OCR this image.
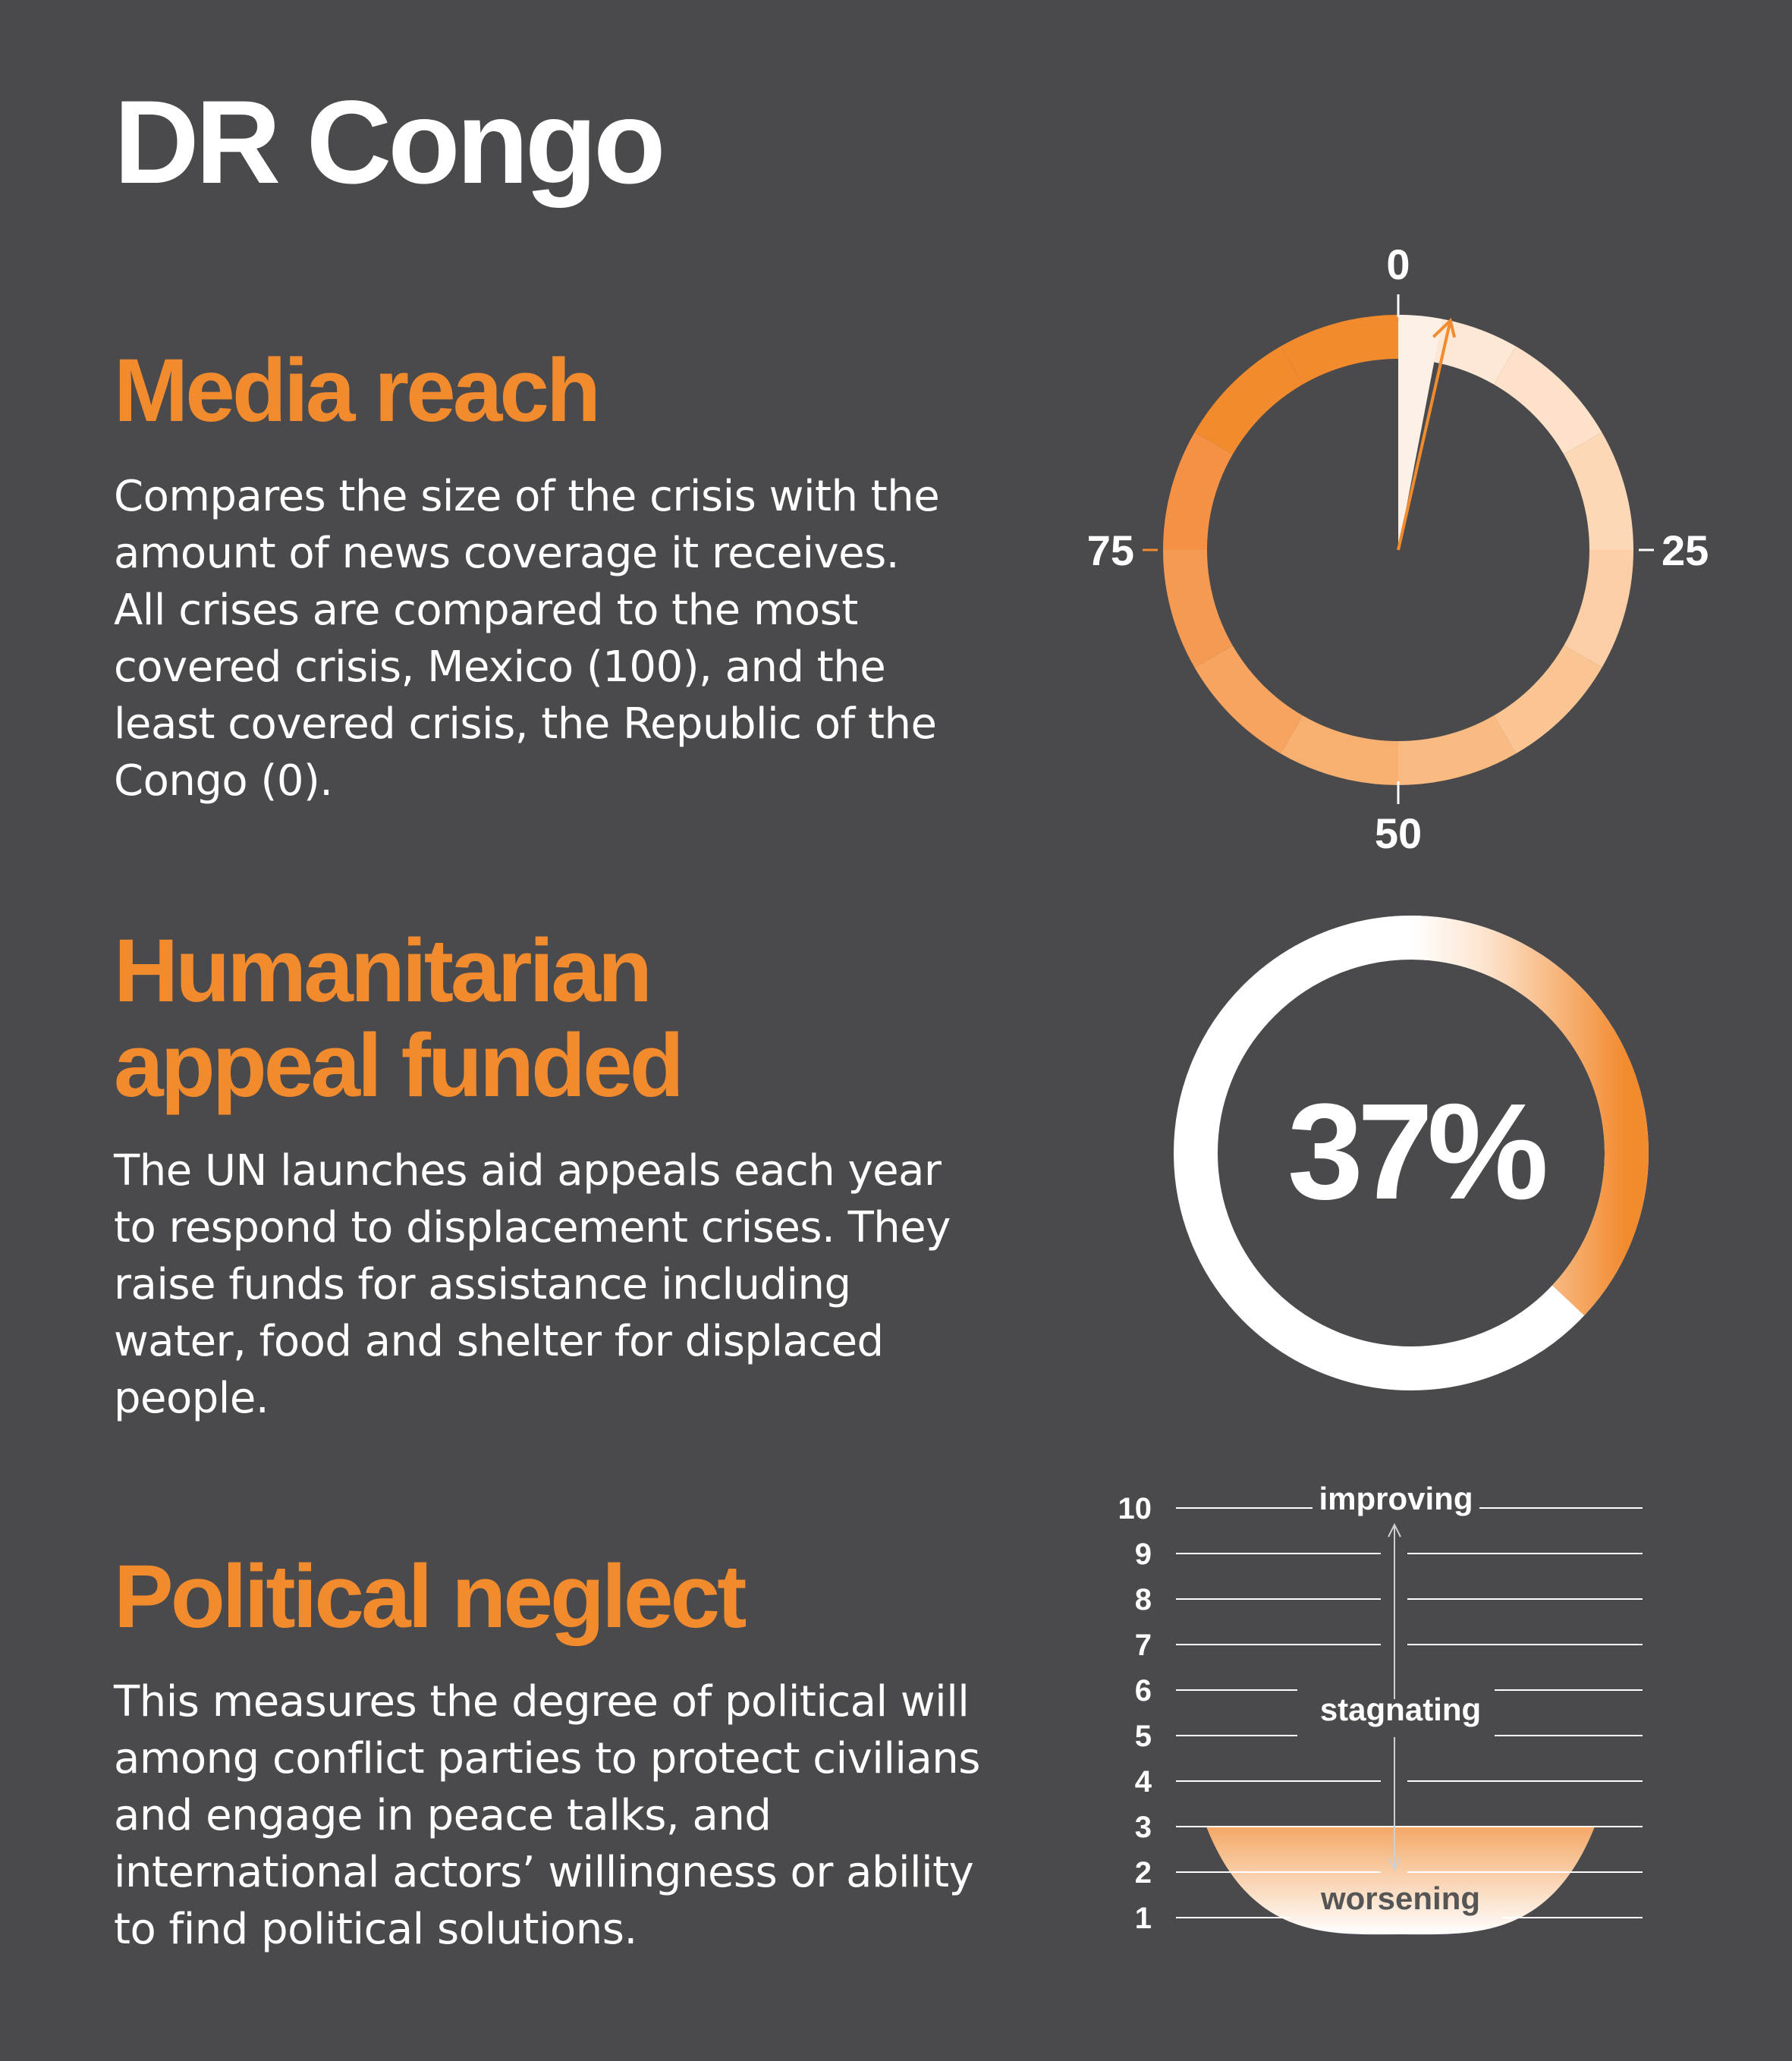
DR Congo
Media reach

Compares the size of the crisis with the amount of news coverage it receives. All crises are compared to the most covered crisis, Mexico (100), and the least covered crisis, the Republic of the Congo (0).

0
25
50
75
Humanitarian
appeal funded

The UN launches aid appeals each year to respond to displacement crises. They raise funds for assistance including water, food and shelter for displaced people.

37%
Political neglect

This measures the degree of political will among conflict parties to protect civilians and engage in peace talks, and international actors’ willingness or ability to find political solutions.

10
9
8
7
6
5
4
3
2
1
improving
stagnating
worsening
